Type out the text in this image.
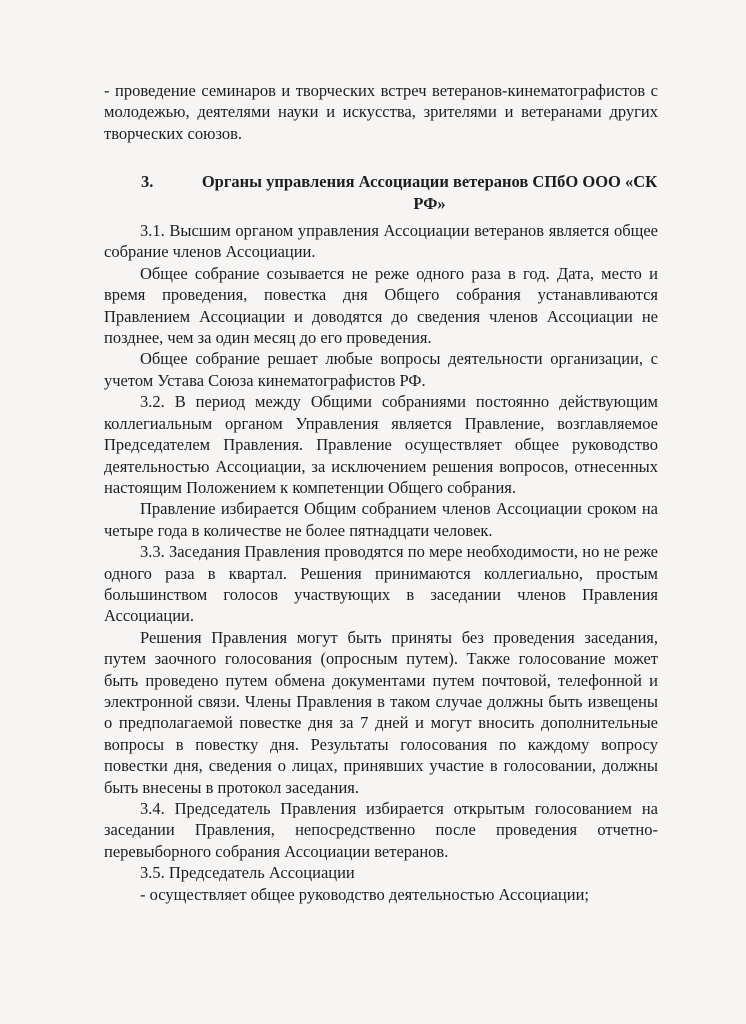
- проведение семинаров и творческих встреч ветеранов-кинематографистов с молодежью, деятелями науки и искусства, зрителями и ветеранами других творческих союзов.

3.	Органы управления Ассоциации ветеранов СПбО ООО «СК РФ»

3.1. Высшим органом управления Ассоциации ветеранов является общее собрание членов Ассоциации.

Общее собрание созывается не реже одного раза в год. Дата, место и время проведения, повестка дня Общего собрания устанавливаются Правлением Ассоциации и доводятся до сведения членов Ассоциации не позднее, чем за один месяц до его проведения.

Общее собрание решает любые вопросы деятельности организации, с учетом Устава Союза кинематографистов РФ.

3.2. В период между Общими собраниями постоянно действующим коллегиальным органом Управления является Правление, возглавляемое Председателем Правления. Правление осуществляет общее руководство деятельностью Ассоциации, за исключением решения вопросов, отнесенных настоящим Положением к компетенции Общего собрания.

Правление избирается Общим собранием членов Ассоциации сроком на четыре года в количестве не более пятнадцати человек.

3.3. Заседания Правления проводятся по мере необходимости, но не реже одного раза в квартал. Решения принимаются коллегиально, простым большинством голосов участвующих в заседании членов Правления Ассоциации.

Решения Правления могут быть приняты без проведения заседания, путем заочного голосования (опросным путем). Также голосование может быть проведено путем обмена документами путем почтовой, телефонной и электронной связи. Члены Правления в таком случае должны быть извещены о предполагаемой повестке дня за 7 дней и могут вносить дополнительные вопросы в повестку дня. Результаты голосования по каждому вопросу повестки дня, сведения о лицах, принявших участие в голосовании, должны быть внесены в протокол заседания.

3.4. Председатель Правления избирается открытым голосованием на заседании Правления, непосредственно после проведения отчетно-перевыборного собрания Ассоциации ветеранов.

3.5. Председатель Ассоциации

- осуществляет общее руководство деятельностью Ассоциации;
